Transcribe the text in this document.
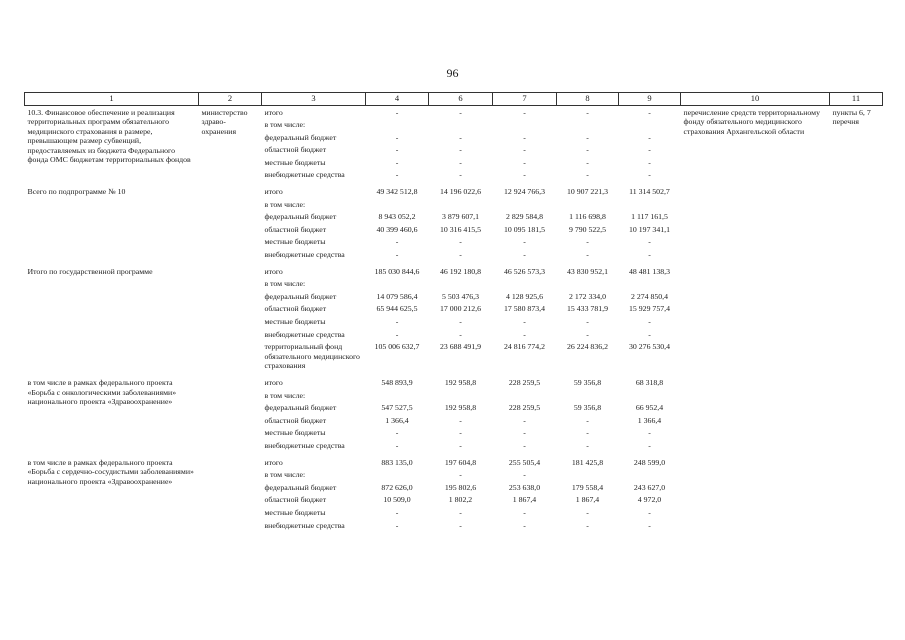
96
1	2	3	4	6	7	8	9	10	11
10.3. Финансовое обеспечение и реализация территориальных программ обязательного медицинского страхования в размере, превышающем размер субвенций, предоставляемых из бюджета Федерального фонда ОМС бюджетам территориальных фондов	министерство здраво-охранения	итого	-	-	-	-	-	перечисление средств территориальному фонду обязательного медицинского страхования Архангельской области	пункты 6, 7 перечня
		в том числе:							
		федеральный бюджет	-	-	-	-	-		
		областной бюджет	-	-	-	-	-		
		местные бюджеты	-	-	-	-	-		
		внебюджетные средства	-	-	-	-	-		

Всего по подпрограмме № 10		итого	49 342 512,8	14 196 022,6	12 924 766,3	10 907 221,3	11 314 502,7		
		в том числе:							
		федеральный бюджет	8 943 052,2	3 879 607,1	2 829 584,8	1 116 698,8	1 117 161,5		
		областной бюджет	40 399 460,6	10 316 415,5	10 095 181,5	9 790 522,5	10 197 341,1		
		местные бюджеты	-	-	-	-	-		
		внебюджетные средства	-	-	-	-	-		

Итого по государственной программе		итого	185 030 844,6	46 192 180,8	46 526 573,3	43 830 952,1	48 481 138,3		
		в том числе:							
		федеральный бюджет	14 079 586,4	5 503 476,3	4 128 925,6	2 172 334,0	2 274 850,4		
		областной бюджет	65 944 625,5	17 000 212,6	17 580 873,4	15 433 781,9	15 929 757,4		
		местные бюджеты	-	-	-	-	-		
		внебюджетные средства	-	-	-	-	-		
		территориальный фонд обязательного медицинского страхования	105 006 632,7	23 688 491,9	24 816 774,2	26 224 836,2	30 276 530,4		

в том числе в рамках федерального проекта «Борьба с онкологическими заболеваниями» национального проекта «Здравоохранение»		итого	548 893,9	192 958,8	228 259,5	59 356,8	68 318,8		
		в том числе:							
		федеральный бюджет	547 527,5	192 958,8	228 259,5	59 356,8	66 952,4		
		областной бюджет	1 366,4	-	-	-	1 366,4		
		местные бюджеты	-	-	-	-	-		
		внебюджетные средства	-	-	-	-	-		

в том числе в рамках федерального проекта «Борьба с сердечно-сосудистыми заболеваниями» национального проекта «Здравоохранение»		итого	883 135,0	197 604,8	255 505,4	181 425,8	248 599,0		
		в том числе:		-	-				
		федеральный бюджет	872 626,0	195 802,6	253 638,0	179 558,4	243 627,0		
		областной бюджет	10 509,0	1 802,2	1 867,4	1 867,4	4 972,0		
		местные бюджеты	-	-	-	-	-		
		внебюджетные средства	-	-	-	-	-		
